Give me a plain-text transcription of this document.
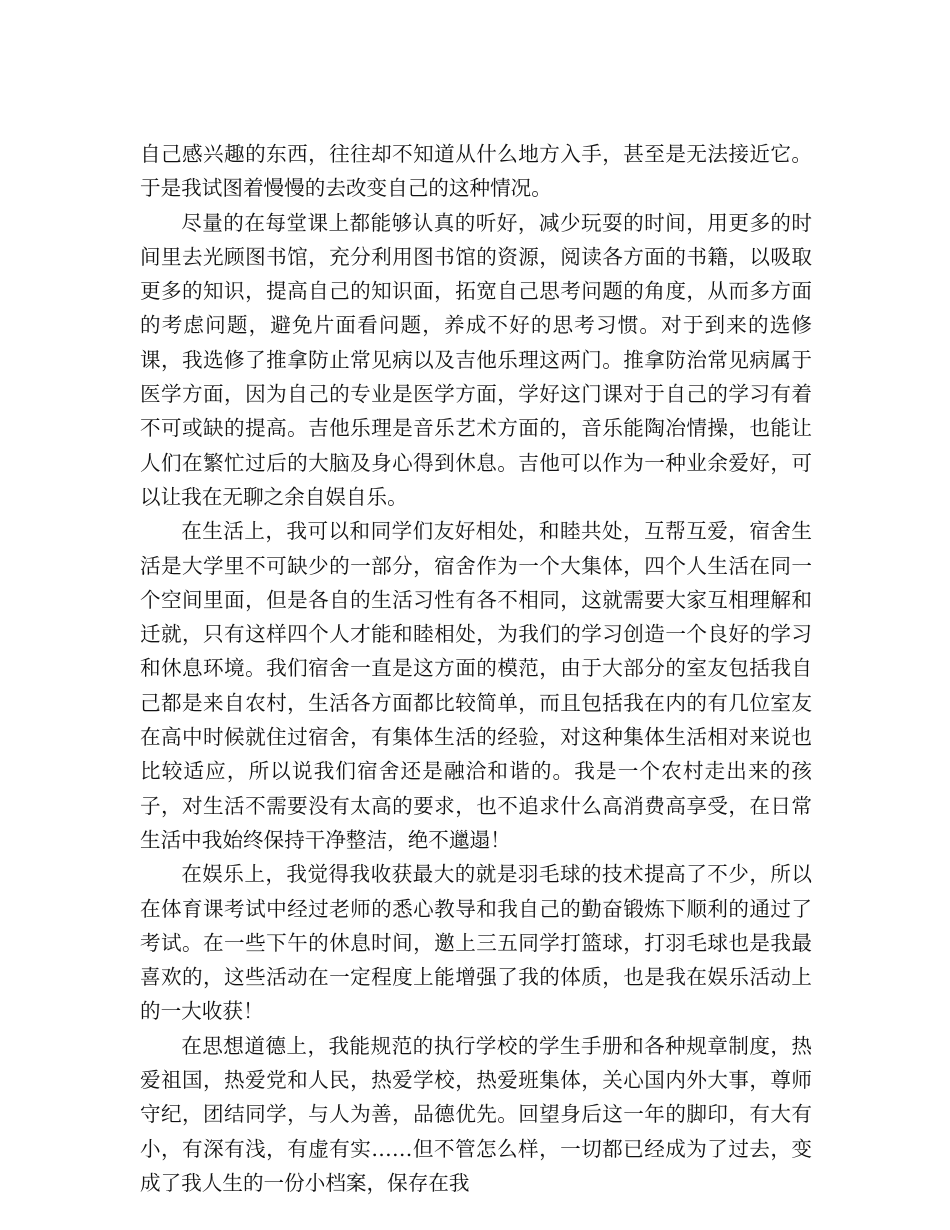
自己感兴趣的东西，往往却不知道从什么地方入手，甚至是无法接近它。于是我试图着慢慢的去改变自己的这种情况。

尽量的在每堂课上都能够认真的听好，减少玩耍的时间，用更多的时间里去光顾图书馆，充分利用图书馆的资源，阅读各方面的书籍，以吸取更多的知识，提高自己的知识面，拓宽自己思考问题的角度，从而多方面的考虑问题，避免片面看问题，养成不好的思考习惯。对于到来的选修课，我选修了推拿防止常见病以及吉他乐理这两门。推拿防治常见病属于医学方面，因为自己的专业是医学方面，学好这门课对于自己的学习有着不可或缺的提高。吉他乐理是音乐艺术方面的，音乐能陶冶情操，也能让人们在繁忙过后的大脑及身心得到休息。吉他可以作为一种业余爱好，可以让我在无聊之余自娱自乐。

在生活上，我可以和同学们友好相处，和睦共处，互帮互爱，宿舍生活是大学里不可缺少的一部分，宿舍作为一个大集体，四个人生活在同一个空间里面，但是各自的生活习性有各不相同，这就需要大家互相理解和迁就，只有这样四个人才能和睦相处，为我们的学习创造一个良好的学习和休息环境。我们宿舍一直是这方面的模范，由于大部分的室友包括我自己都是来自农村，生活各方面都比较简单，而且包括我在内的有几位室友在高中时候就住过宿舍，有集体生活的经验，对这种集体生活相对来说也比较适应，所以说我们宿舍还是融洽和谐的。我是一个农村走出来的孩子，对生活不需要没有太高的要求，也不追求什么高消费高享受，在日常生活中我始终保持干净整洁，绝不邋遢！

在娱乐上，我觉得我收获最大的就是羽毛球的技术提高了不少，所以在体育课考试中经过老师的悉心教导和我自己的勤奋锻炼下顺利的通过了考试。在一些下午的休息时间，邀上三五同学打篮球，打羽毛球也是我最喜欢的，这些活动在一定程度上能增强了我的体质，也是我在娱乐活动上的一大收获！

在思想道德上，我能规范的执行学校的学生手册和各种规章制度，热爱祖国，热爱党和人民，热爱学校，热爱班集体，关心国内外大事，尊师守纪，团结同学，与人为善，品德优先。回望身后这一年的脚印，有大有小，有深有浅，有虚有实……但不管怎么样，一切都已经成为了过去，变成了我人生的一份小档案，保存在我
